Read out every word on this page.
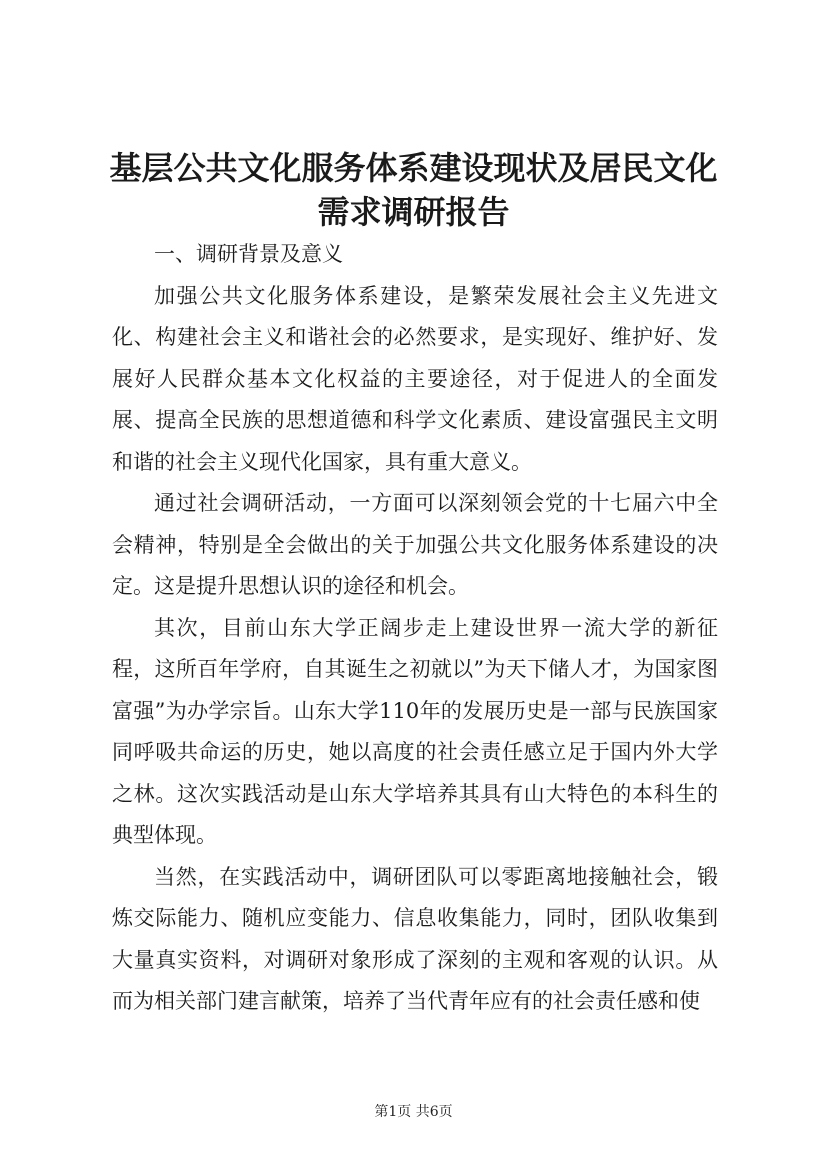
基层公共文化服务体系建设现状及居民文化需求调研报告

一、调研背景及意义

加强公共文化服务体系建设，是繁荣发展社会主义先进文化、构建社会主义和谐社会的必然要求，是实现好、维护好、发展好人民群众基本文化权益的主要途径，对于促进人的全面发展、提高全民族的思想道德和科学文化素质、建设富强民主文明和谐的社会主义现代化国家，具有重大意义。

通过社会调研活动，一方面可以深刻领会党的十七届六中全会精神，特别是全会做出的关于加强公共文化服务体系建设的决定。这是提升思想认识的途径和机会。

其次，目前山东大学正阔步走上建设世界一流大学的新征程，这所百年学府，自其诞生之初就以”为天下储人才，为国家图富强”为办学宗旨。山东大学110年的发展历史是一部与民族国家同呼吸共命运的历史，她以高度的社会责任感立足于国内外大学之林。这次实践活动是山东大学培养其具有山大特色的本科生的典型体现。

当然，在实践活动中，调研团队可以零距离地接触社会，锻炼交际能力、随机应变能力、信息收集能力，同时，团队收集到大量真实资料，对调研对象形成了深刻的主观和客观的认识。从而为相关部门建言献策，培养了当代青年应有的社会责任感和使

第1页 共6页
